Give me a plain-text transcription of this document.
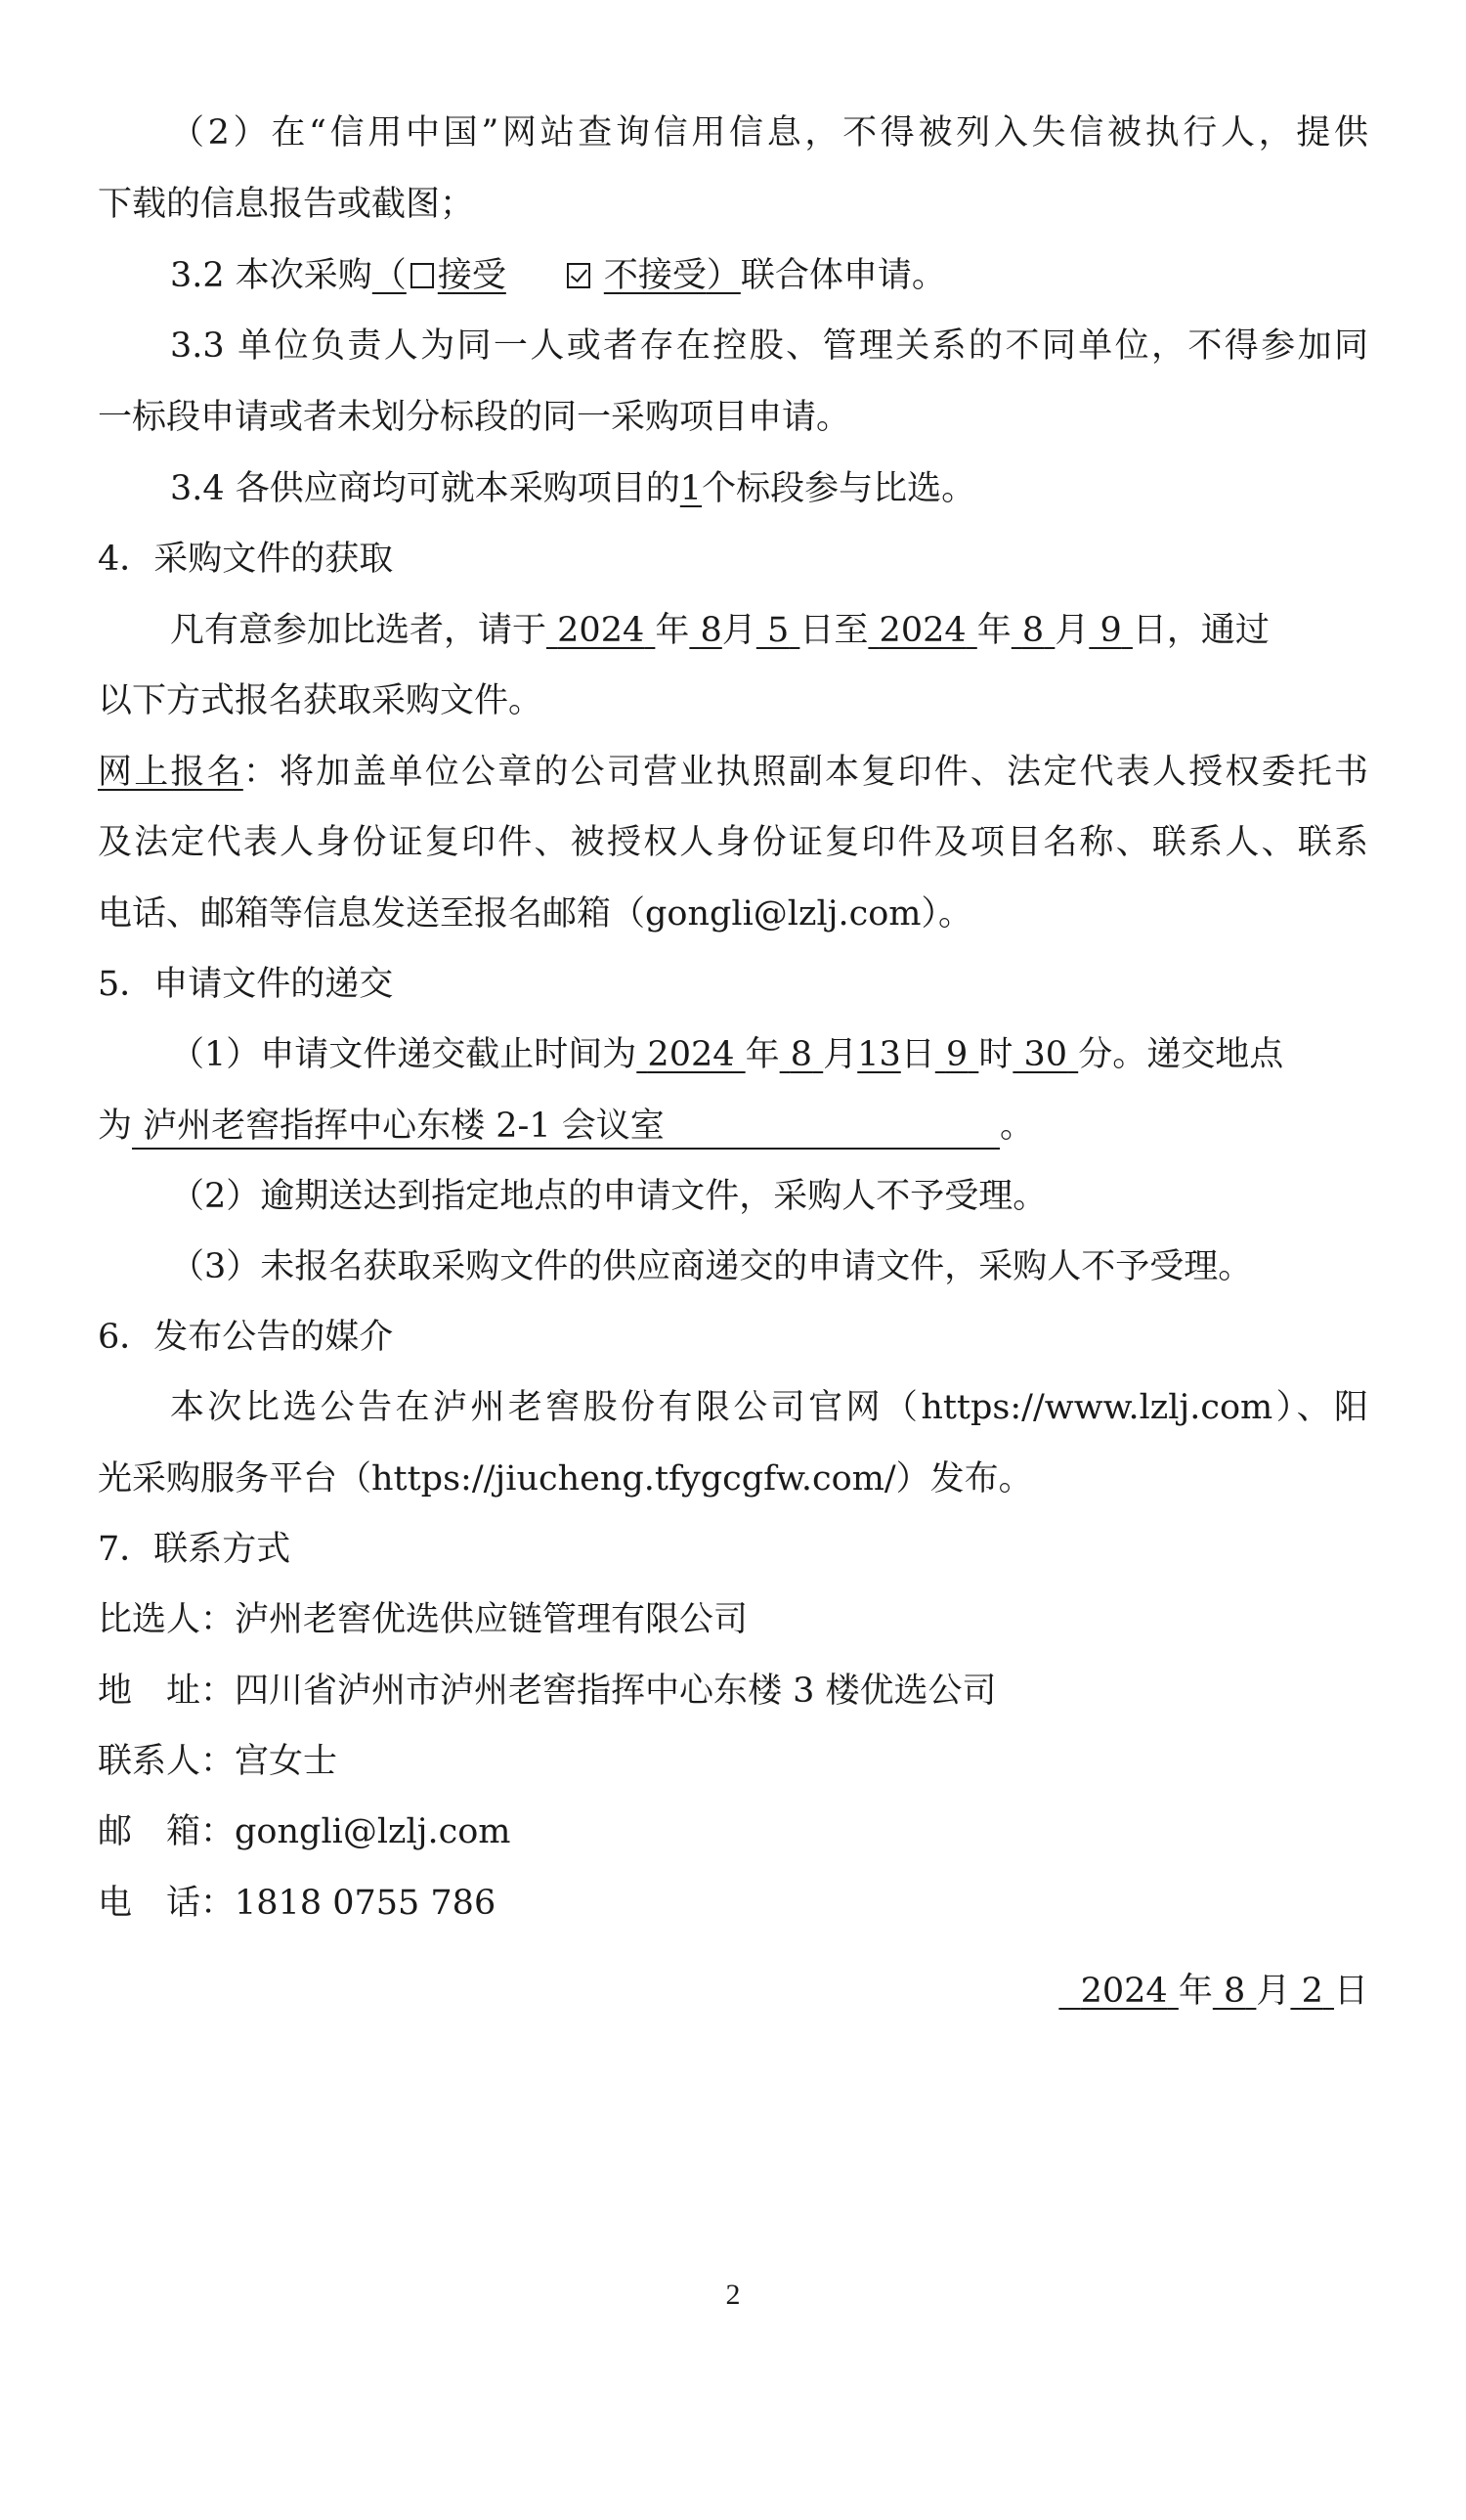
（2）在“信用中国”网站查询信用信息，不得被列入失信被执行人，提供
下载的信息报告或截图；
3.2 本次采购（ 接受	不接受）联合体申请。
3.3 单位负责人为同一人或者存在控股、管理关系的不同单位，不得参加同
一标段申请或者未划分标段的同一采购项目申请。
3.4 各供应商均可就本采购项目的1个标段参与比选。
4．采购文件的获取
凡有意参加比选者，请于 2024 年 8月 5 日至 2024 年 8 月 9 日，通过
以下方式报名获取采购文件。
网上报名：将加盖单位公章的公司营业执照副本复印件、法定代表人授权委托书
及法定代表人身份证复印件、被授权人身份证复印件及项目名称、联系人、联系
电话、邮箱等信息发送至报名邮箱（gongli@lzlj.com）。
5．申请文件的递交
（1）申请文件递交截止时间为 2024 年 8 月13日 9 时 30 分。递交地点
为 泸州老窖指挥中心东楼 2-1 会议室	。
（2）逾期送达到指定地点的申请文件，采购人不予受理。
（3）未报名获取采购文件的供应商递交的申请文件，采购人不予受理。
6．发布公告的媒介
本次比选公告在泸州老窖股份有限公司官网（https://www.lzlj.com）、阳
光采购服务平台（https://jiucheng.tfygcgfw.com/）发布。
7．联系方式
比选人：泸州老窖优选供应链管理有限公司
地　址：四川省泸州市泸州老窖指挥中心东楼 3 楼优选公司
联系人：宫女士
邮　箱：gongli@lzlj.com
电　话：1818 0755 786
2024 年 8 月 2 日
2
